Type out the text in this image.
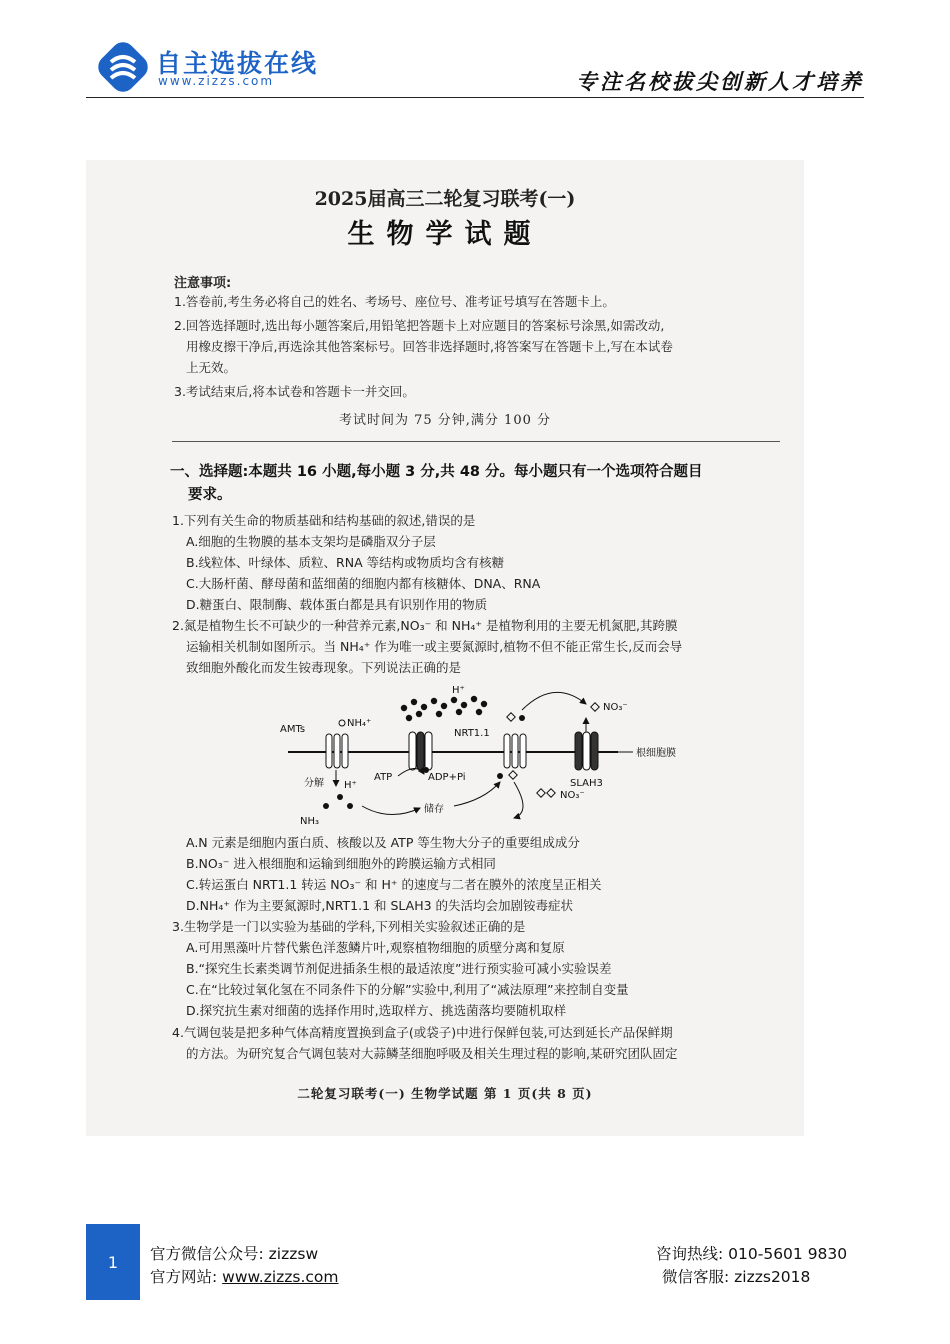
自主选拔在线
www.zizzs.com	专注名校拔尖创新人才培养
2025届高三二轮复习联考(一)
生物学试题
注意事项:
1.答卷前,考生务必将自己的姓名、考场号、座位号、准考证号填写在答题卡上。
2.回答选择题时,选出每小题答案后,用铅笔把答题卡上对应题目的答案标号涂黑,如需改动,
用橡皮擦干净后,再选涂其他答案标号。回答非选择题时,将答案写在答题卡上,写在本试卷
上无效。
3.考试结束后,将本试卷和答题卡一并交回。
考试时间为 75 分钟,满分 100 分
一、选择题:本题共 16 小题,每小题 3 分,共 48 分。每小题只有一个选项符合题目
要求。
1.下列有关生命的物质基础和结构基础的叙述,错误的是
A.细胞的生物膜的基本支架均是磷脂双分子层
B.线粒体、叶绿体、质粒、RNA 等结构或物质均含有核糖
C.大肠杆菌、酵母菌和蓝细菌的细胞内都有核糖体、DNA、RNA
D.糖蛋白、限制酶、载体蛋白都是具有识别作用的物质
2.氮是植物生长不可缺少的一种营养元素,NO₃⁻ 和 NH₄⁺ 是植物利用的主要无机氮肥,其跨膜
运输相关机制如图所示。当 NH₄⁺ 作为唯一或主要氮源时,植物不但不能正常生长,反而会导
致细胞外酸化而发生铵毒现象。下列说法正确的是
根细胞膜
AMTs
NH₄⁺
H⁺
NRT1.1
NO₃⁻
SLAH3
NO₃⁻
分解 H⁺
NH₃
ATP	ADP+Pi
储存
A.N 元素是细胞内蛋白质、核酸以及 ATP 等生物大分子的重要组成成分
B.NO₃⁻ 进入根细胞和运输到细胞外的跨膜运输方式相同
C.转运蛋白 NRT1.1 转运 NO₃⁻ 和 H⁺ 的速度与二者在膜外的浓度呈正相关
D.NH₄⁺ 作为主要氮源时,NRT1.1 和 SLAH3 的失活均会加剧铵毒症状
3.生物学是一门以实验为基础的学科,下列相关实验叙述正确的是
A.可用黑藻叶片替代紫色洋葱鳞片叶,观察植物细胞的质壁分离和复原
B.“探究生长素类调节剂促进插条生根的最适浓度”进行预实验可减小实验误差
C.在“比较过氧化氢在不同条件下的分解”实验中,利用了“减法原理”来控制自变量
D.探究抗生素对细菌的选择作用时,选取样方、挑选菌落均要随机取样
4.气调包装是把多种气体高精度置换到盒子(或袋子)中进行保鲜包装,可达到延长产品保鲜期
的方法。为研究复合气调包装对大蒜鳞茎细胞呼吸及相关生理过程的影响,某研究团队固定
二轮复习联考(一) 生物学试题 第 1 页(共 8 页)
1	官方微信公众号: zizzsw
官方网站: www.zizzs.com
咨询热线: 010-5601 9830
微信客服: zizzs2018
